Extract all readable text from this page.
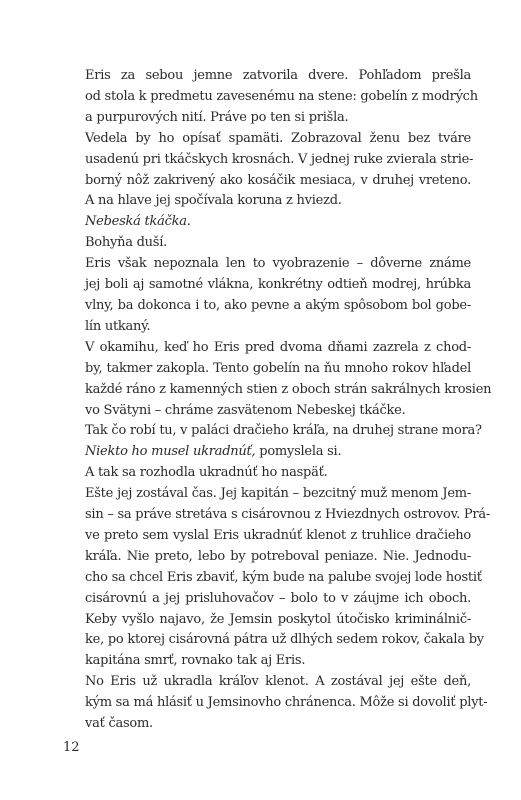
Eris za sebou jemne zatvorila dvere. Pohľadom prešla
od stola k predmetu zavesenému na stene: gobelín z modrých
a purpurových nití. Práve po ten si prišla.

Vedela by ho opísať spamäti. Zobrazoval ženu bez tváre
usadenú pri tkáčskych krosnách. V jednej ruke zvierala strie-
borný nôž zakrivený ako kosáčik mesiaca, v druhej vreteno.
A na hlave jej spočívala koruna z hviezd.

Nebeská tkáčka.

Bohyňa duší.

Eris však nepoznala len to vyobrazenie – dôverne známe
jej boli aj samotné vlákna, konkrétny odtieň modrej, hrúbka
vlny, ba dokonca i to, ako pevne a akým spôsobom bol gobe-
lín utkaný.

V okamihu, keď ho Eris pred dvoma dňami zazrela z chod-
by, takmer zakopla. Tento gobelín na ňu mnoho rokov hľadel
každé ráno z kamenných stien z oboch strán sakrálnych krosien
vo Svätyni – chráme zasvätenom Nebeskej tkáčke.

Tak čo robí tu, v paláci dračieho kráľa, na druhej strane mora?

Niekto ho musel ukradnúť, pomyslela si.

A tak sa rozhodla ukradnúť ho naspäť.

Ešte jej zostával čas. Jej kapitán – bezcitný muž menom Jem-
sin – sa práve stretáva s cisárovnou z Hviezdnych ostrovov. Prá-
ve preto sem vyslal Eris ukradnúť klenot z truhlice dračieho
kráľa. Nie preto, lebo by potreboval peniaze. Nie. Jednodu-
cho sa chcel Eris zbaviť, kým bude na palube svojej lode hostiť
cisárovnú a jej prisluhovačov – bolo to v záujme ich oboch.
Keby vyšlo najavo, že Jemsin poskytol útočisko kriminálnič-
ke, po ktorej cisárovná pátra už dlhých sedem rokov, čakala by
kapitána smrť, rovnako tak aj Eris.

No Eris už ukradla kráľov klenot. A zostával jej ešte deň,
kým sa má hlásiť u Jemsinovho chránenca. Môže si dovoliť plyt-
vať časom.

12
